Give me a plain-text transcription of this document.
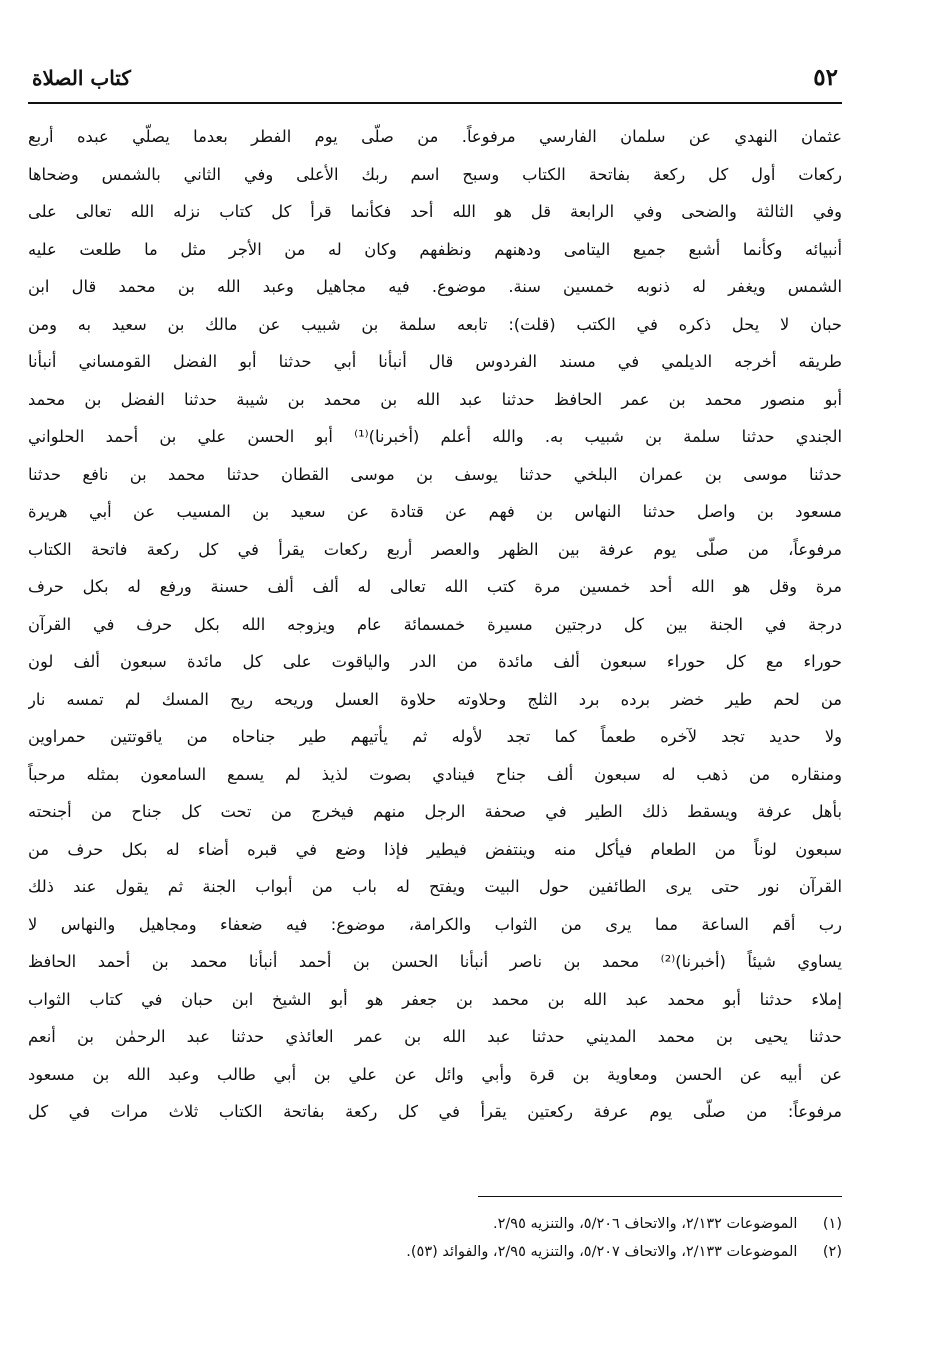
٥٢
كتاب الصلاة
عثمان النهدي عن سلمان الفارسي مرفوعاً. من صلّى يوم الفطر بعدما يصلّي عبده أربع
ركعات أول كل ركعة بفاتحة الكتاب وسبح اسم ربك الأعلى وفي الثاني بالشمس وضحاها
وفي الثالثة والضحى وفي الرابعة قل هو الله أحد فكأنما قرأ كل كتاب نزله الله تعالى على
أنبيائه وكأنما أشبع جميع اليتامى ودهنهم ونظفهم وكان له من الأجر مثل ما طلعت عليه
الشمس ويغفر له ذنوبه خمسين سنة. موضوع. فيه مجاهيل وعبد الله بن محمد قال ابن
حبان لا يحل ذكره في الكتب (قلت): تابعه سلمة بن شبيب عن مالك بن سعيد به ومن
طريقه أخرجه الديلمي في مسند الفردوس قال أنبأنا أبي حدثنا أبو الفضل القومساني أنبأنا
أبو منصور محمد بن عمر الحافظ حدثنا عبد الله بن محمد بن شيبة حدثنا الفضل بن محمد
الجندي حدثنا سلمة بن شبيب به. والله أعلم (أخبرنا)⁽¹⁾ أبو الحسن علي بن أحمد الحلواني
حدثنا موسى بن عمران البلخي حدثنا يوسف بن موسى القطان حدثنا محمد بن نافع حدثنا
مسعود بن واصل حدثنا النهاس بن فهم عن قتادة عن سعيد بن المسيب عن أبي هريرة
مرفوعاً، من صلّى يوم عرفة بين الظهر والعصر أربع ركعات يقرأ في كل ركعة فاتحة الكتاب
مرة وقل هو الله أحد خمسين مرة كتب الله تعالى له ألف ألف حسنة ورفع له بكل حرف
درجة في الجنة بين كل درجتين مسيرة خمسمائة عام ويزوجه الله بكل حرف في القرآن
حوراء مع كل حوراء سبعون ألف مائدة من الدر والياقوت على كل مائدة سبعون ألف لون
من لحم طير خضر برده برد الثلج وحلاوته حلاوة العسل وريحه ريح المسك لم تمسه نار
ولا حديد تجد لآخره طعماً كما تجد لأوله ثم يأتيهم طير جناحاه من ياقوتتين حمراوين
ومنقاره من ذهب له سبعون ألف جناح فينادي بصوت لذيذ لم يسمع السامعون بمثله مرحباً
بأهل عرفة ويسقط ذلك الطير في صحفة الرجل منهم فيخرج من تحت كل جناح من أجنحته
سبعون لوناً من الطعام فيأكل منه وينتفض فيطير فإذا وضع في قبره أضاء له بكل حرف من
القرآن نور حتى يرى الطائفين حول البيت ويفتح له باب من أبواب الجنة ثم يقول عند ذلك
رب أقم الساعة مما يرى من الثواب والكرامة، موضوع: فيه ضعفاء ومجاهيل والنهاس لا
يساوي شيئاً (أخبرنا)⁽²⁾ محمد بن ناصر أنبأنا الحسن بن أحمد أنبأنا محمد بن أحمد الحافظ
إملاء حدثنا أبو محمد عبد الله بن محمد بن جعفر هو أبو الشيخ ابن حبان في كتاب الثواب
حدثنا يحيى بن محمد المديني حدثنا عبد الله بن عمر العائذي حدثنا عبد الرحمٰن بن أنعم
عن أبيه عن الحسن ومعاوية بن قرة وأبي وائل عن علي بن أبي طالب وعبد الله بن مسعود
مرفوعاً: من صلّى يوم عرفة ركعتين يقرأ في كل ركعة بفاتحة الكتاب ثلاث مرات في كل
(١) الموضوعات ٢/١٣٢، والاتحاف ٥/٢٠٦، والتنزيه ٢/٩٥.
(٢) الموضوعات ٢/١٣٣، والاتحاف ٥/٢٠٧، والتنزيه ٢/٩٥، والفوائد (٥٣).
